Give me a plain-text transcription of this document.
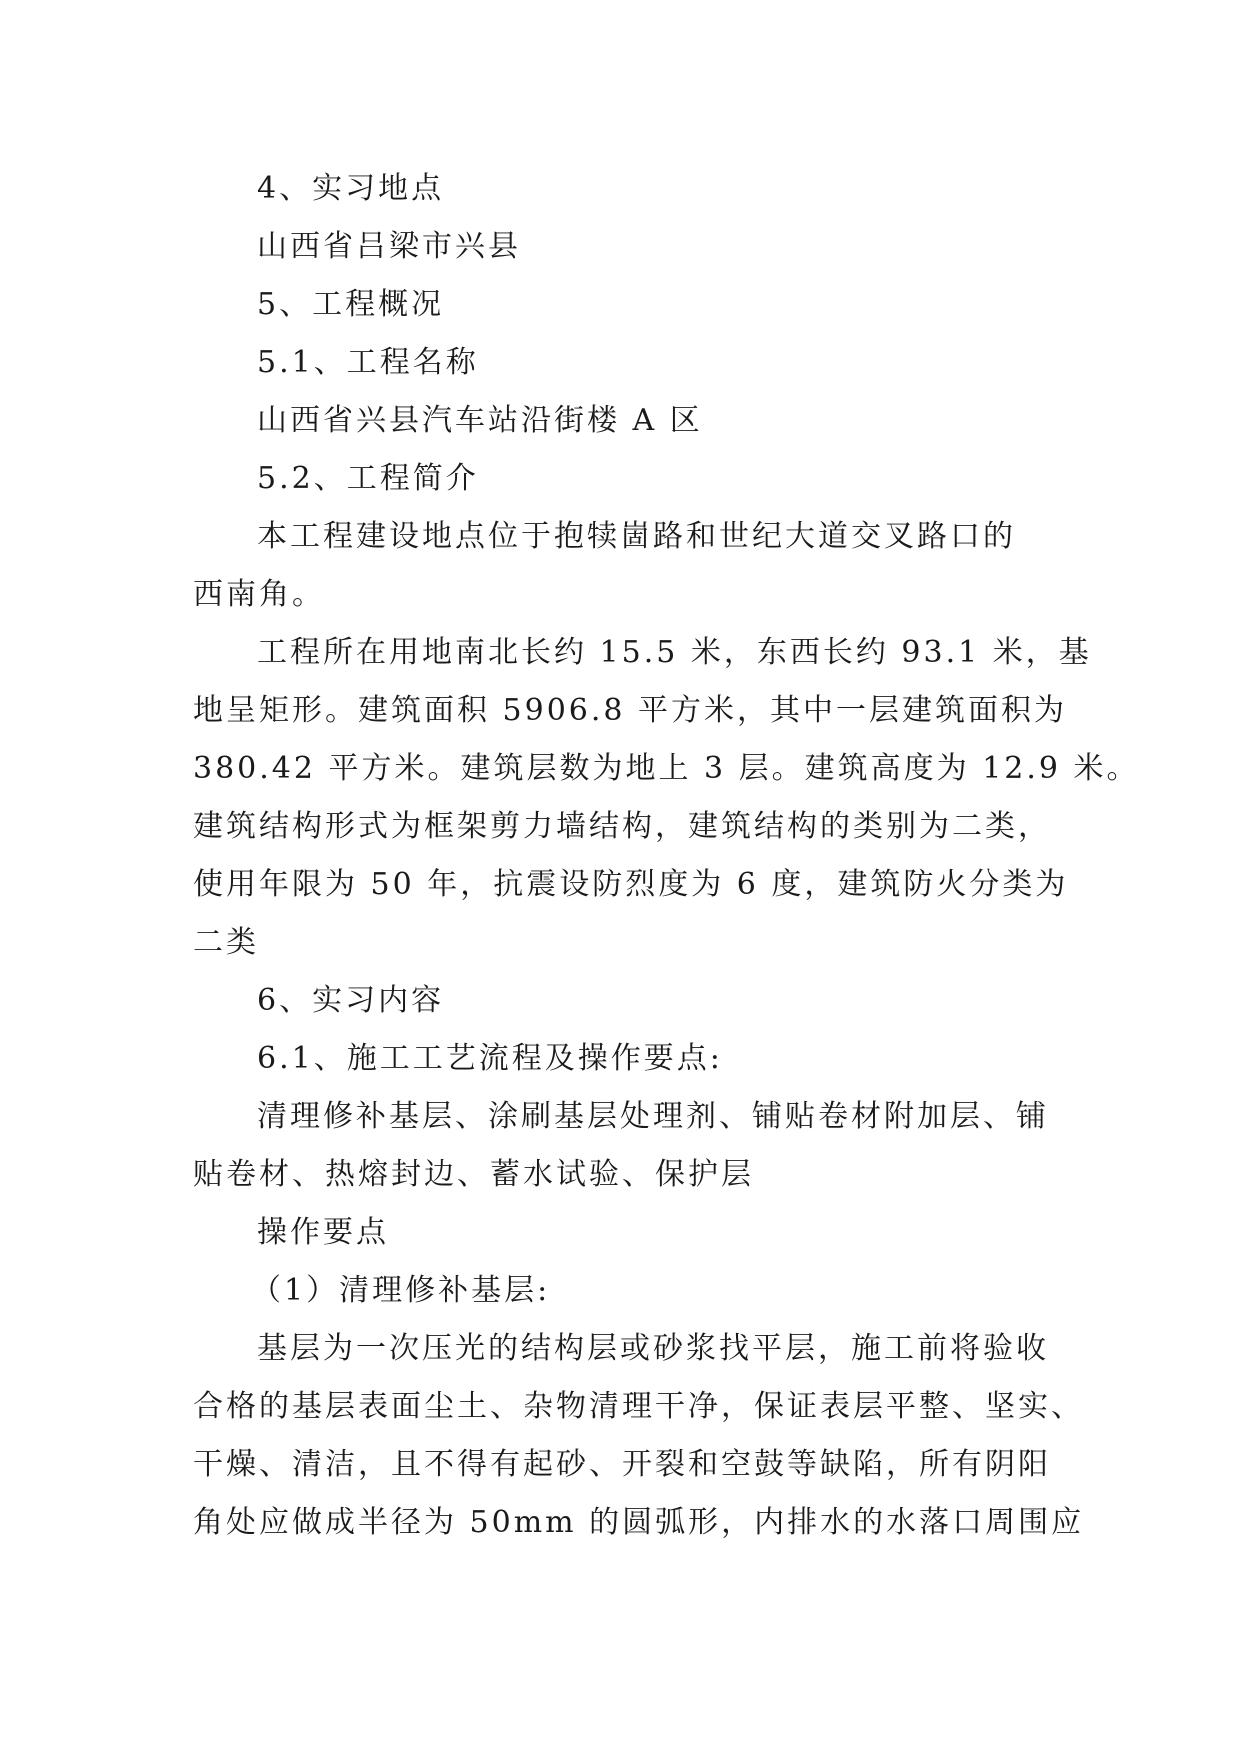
4、实习地点
山西省吕梁市兴县
5、工程概况
5.1、工程名称
山西省兴县汽车站沿街楼 A 区
5.2、工程简介
本工程建设地点位于抱犊崮路和世纪大道交叉路口的
西南角。
工程所在用地南北长约 15.5 米，东西长约 93.1 米，基
地呈矩形。建筑面积 5906.8 平方米，其中一层建筑面积为
380.42 平方米。建筑层数为地上 3 层。建筑高度为 12.9 米。
建筑结构形式为框架剪力墙结构，建筑结构的类别为二类，
使用年限为 50 年，抗震设防烈度为 6 度，建筑防火分类为
二类
6、实习内容
6.1、施工工艺流程及操作要点:
清理修补基层、涂刷基层处理剂、铺贴卷材附加层、铺
贴卷材、热熔封边、蓄水试验、保护层
操作要点
（1）清理修补基层:
基层为一次压光的结构层或砂浆找平层，施工前将验收
合格的基层表面尘土、杂物清理干净，保证表层平整、坚实、
干燥、清洁，且不得有起砂、开裂和空鼓等缺陷，所有阴阳
角处应做成半径为 50mm 的圆弧形，内排水的水落口周围应
